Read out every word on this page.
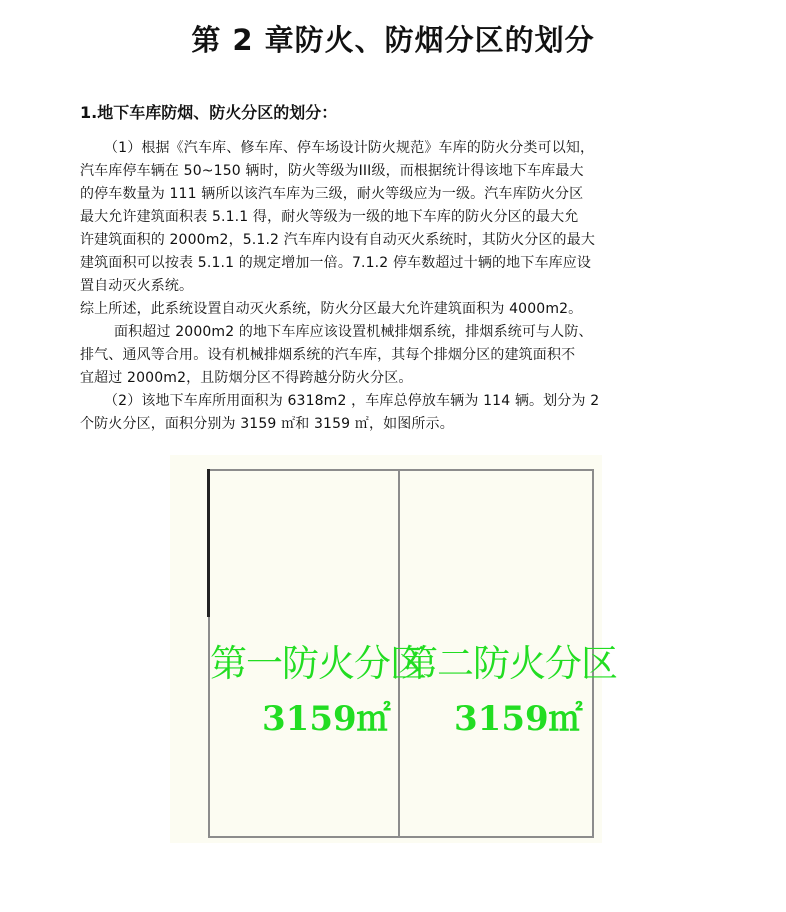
第 2 章防火、防烟分区的划分
1.地下车库防烟、防火分区的划分：
（1）根据《汽车库、修车库、停车场设计防火规范》车库的防火分类可以知，
汽车库停车辆在 50~150 辆时，防火等级为III级，而根据统计得该地下车库最大
的停车数量为 111 辆所以该汽车库为三级，耐火等级应为一级。汽车库防火分区
最大允许建筑面积表 5.1.1 得，耐火等级为一级的地下车库的防火分区的最大允
许建筑面积的 2000m2，5.1.2 汽车库内设有自动灭火系统时，其防火分区的最大
建筑面积可以按表 5.1.1 的规定增加一倍。7.1.2 停车数超过十辆的地下车库应设
置自动灭火系统。
综上所述，此系统设置自动灭火系统，防火分区最大允许建筑面积为 4000m2。
面积超过 2000m2 的地下车库应该设置机械排烟系统，排烟系统可与人防、
排气、通风等合用。设有机械排烟系统的汽车库，其每个排烟分区的建筑面积不
宜超过 2000m2，且防烟分区不得跨越分防火分区。
（2）该地下车库所用面积为 6318m2 ，车库总停放车辆为 114 辆。划分为 2
个防火分区，面积分别为 3159 ㎡和 3159 ㎡，如图所示。
第一防火分区
3159㎡
第二防火分区
3159㎡
